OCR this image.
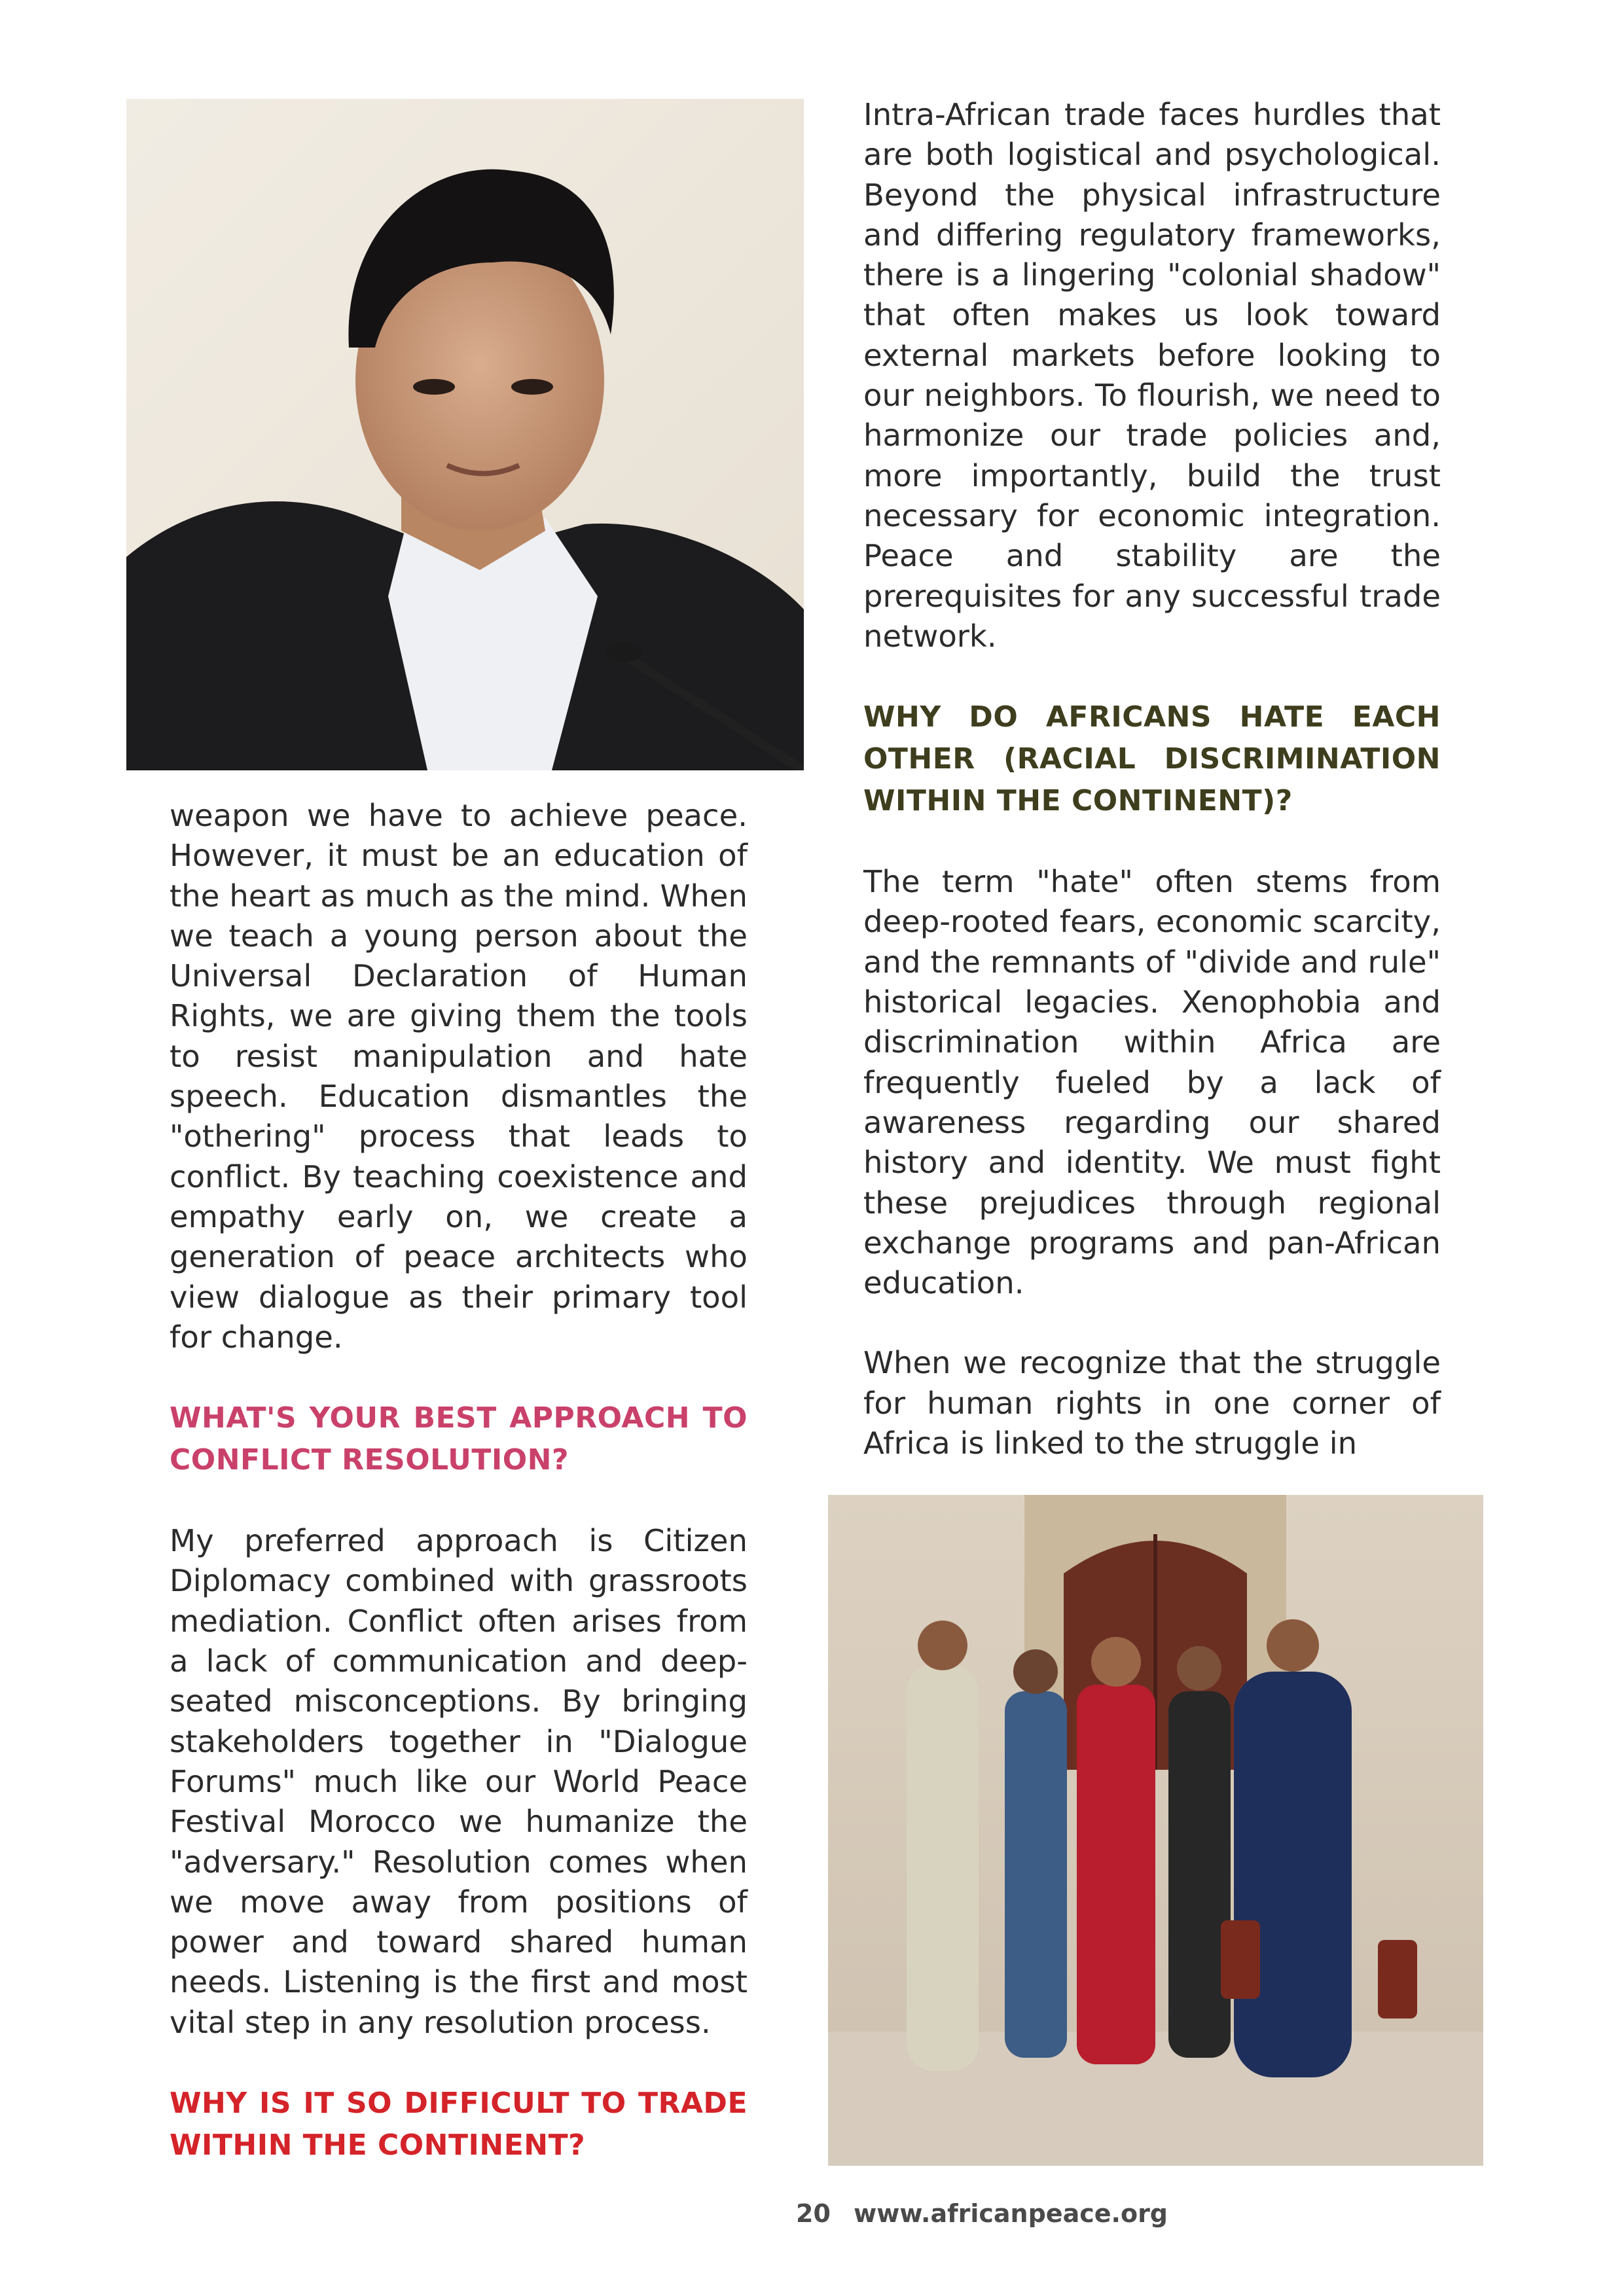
weapon we have to achieve peace. However, it must be an education of the heart as much as the mind. When we teach a young person about the Universal Declaration of Human Rights, we are giving them the tools to resist manipulation and hate speech. Education dismantles the "othering" process that leads to conflict. By teaching coexistence and empathy early on, we create a generation of peace architects who view dialogue as their primary tool for change.

WHAT'S YOUR BEST APPROACH TO CONFLICT RESOLUTION?

My preferred approach is Citizen Diplomacy combined with grassroots mediation. Conflict often arises from a lack of communication and deep-seated misconceptions. By bringing stakeholders together in "Dialogue Forums" much like our World Peace Festival Morocco we humanize the "adversary." Resolution comes when we move away from positions of power and toward shared human needs. Listening is the first and most vital step in any resolution process.

WHY IS IT SO DIFFICULT TO TRADE WITHIN THE CONTINENT?

Intra-African trade faces hurdles that are both logistical and psychological. Beyond the physical infrastructure and differing regulatory frameworks, there is a lingering "colonial shadow" that often makes us look toward external markets before looking to our neighbors. To flourish, we need to harmonize our trade policies and, more importantly, build the trust necessary for economic integration. Peace and stability are the prerequisites for any successful trade network.

WHY DO AFRICANS HATE EACH OTHER (RACIAL DISCRIMINATION WITHIN THE CONTINENT)?

The term "hate" often stems from deep-rooted fears, economic scarcity, and the remnants of "divide and rule" historical legacies. Xenophobia and discrimination within Africa are frequently fueled by a lack of awareness regarding our shared history and identity. We must fight these prejudices through regional exchange programs and pan-African education.

When we recognize that the struggle for human rights in one corner of Africa is linked to the struggle in

20 www.africanpeace.org
